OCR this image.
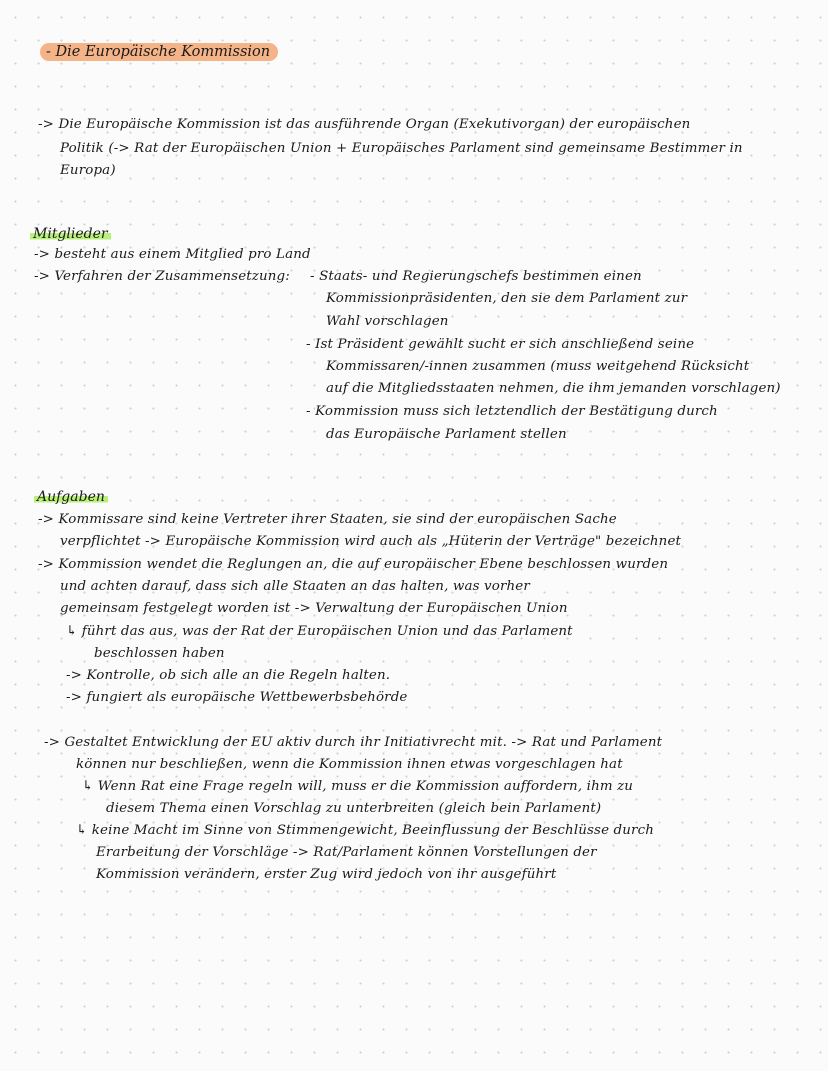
- Die Europäische Kommission
-> Die Europäische Kommission ist das ausführende Organ (Exekutivorgan) der europäischen
Politik (-> Rat der Europäischen Union + Europäisches Parlament sind gemeinsame Bestimmer in
Europa)
Mitglieder
-> besteht aus einem Mitglied pro Land
-> Verfahren der Zusammensetzung: - Staats- und Regierungschefs bestimmen einen
Kommissionpräsidenten, den sie dem Parlament zur
Wahl vorschlagen
- Ist Präsident gewählt sucht er sich anschließend seine
Kommissaren/-innen zusammen (muss weitgehend Rücksicht
auf die Mitgliedsstaaten nehmen, die ihm jemanden vorschlagen)
- Kommission muss sich letztendlich der Bestätigung durch
das Europäische Parlament stellen
Aufgaben
-> Kommissare sind keine Vertreter ihrer Staaten, sie sind der europäischen Sache
verpflichtet -> Europäische Kommission wird auch als „Hüterin der Verträge" bezeichnet
-> Kommission wendet die Reglungen an, die auf europäischer Ebene beschlossen wurden
und achten darauf, dass sich alle Staaten an das halten, was vorher
gemeinsam festgelegt worden ist -> Verwaltung der Europäischen Union
↳ führt das aus, was der Rat der Europäischen Union und das Parlament
beschlossen haben
-> Kontrolle, ob sich alle an die Regeln halten.
-> fungiert als europäische Wettbewerbsbehörde
-> Gestaltet Entwicklung der EU aktiv durch ihr Initiativrecht mit. -> Rat und Parlament
können nur beschließen, wenn die Kommission ihnen etwas vorgeschlagen hat
↳ Wenn Rat eine Frage regeln will, muss er die Kommission auffordern, ihm zu
diesem Thema einen Vorschlag zu unterbreiten (gleich bein Parlament)
↳ keine Macht im Sinne von Stimmengewicht, Beeinflussung der Beschlüsse durch
Erarbeitung der Vorschläge -> Rat/Parlament können Vorstellungen der
Kommission verändern, erster Zug wird jedoch von ihr ausgeführt
